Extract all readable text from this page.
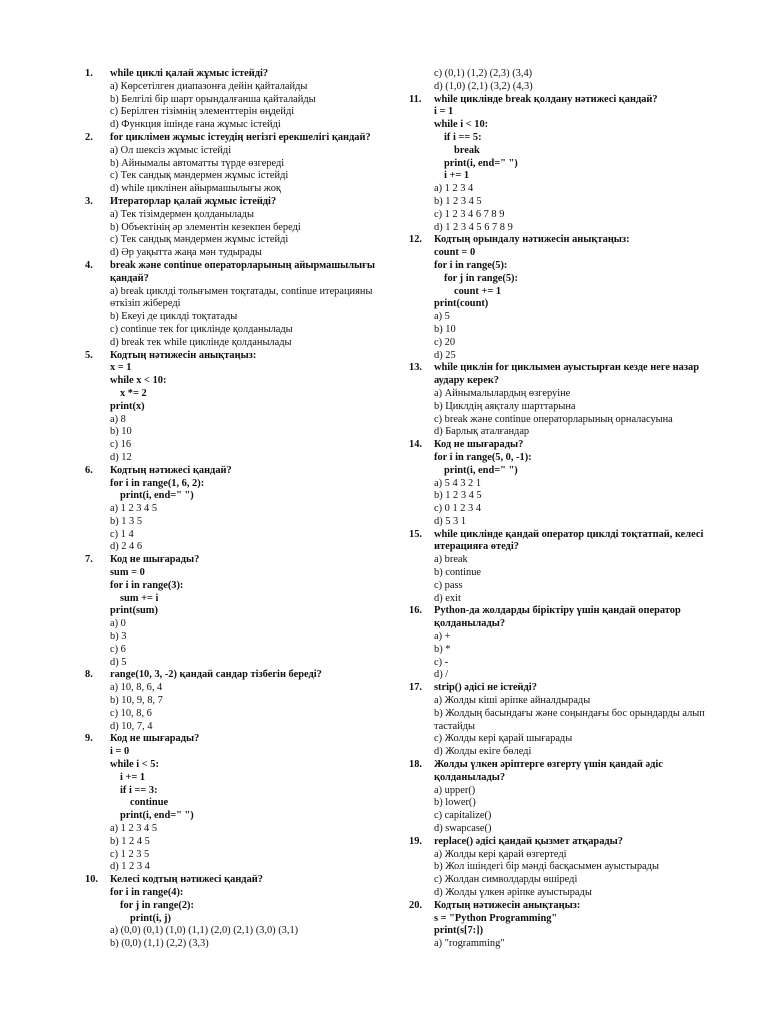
1. while циклі қалай жұмыс істейді?
a) Көрсетілген диапазонға дейін қайталайды
b) Белгілі бір шарт орындалғанша қайталайды
c) Берілген тізімнің элементтерін өңдейді
d) Функция ішінде ғана жұмыс істейді
2. for циклімен жұмыс істеудің негізгі ерекшелігі қандай?
a) Ол шексіз жұмыс істейді
b) Айнымалы автоматты түрде өзгереді
c) Тек сандық мәндермен жұмыс істейді
d) while циклінен айырмашылығы жоқ
3. Итераторлар қалай жұмыс істейді?
a) Тек тізімдермен қолданылады
b) Объектінің әр элементін кезекпен береді
c) Тек сандық мәндермен жұмыс істейді
d) Әр уақытта жаңа мән тудырады
4. break және continue операторларының айырмашылығы
қандай?
a) break циклді толығымен тоқтатады, continue итерацияны
өткізіп жібереді
b) Екеуі де циклді тоқтатады
c) continue тек for циклінде қолданылады
d) break тек while циклінде қолданылады
5. Кодтың нәтижесін анықтаңыз:
x = 1
while x < 10:
x *= 2
print(x)
a) 8
b) 10
c) 16
d) 12
6. Кодтың нәтижесі қандай?
for i in range(1, 6, 2):
print(i, end=" ")
a) 1 2 3 4 5
b) 1 3 5
c) 1 4
d) 2 4 6
7. Код не шығарады?
sum = 0
for i in range(3):
sum += i
print(sum)
a) 0
b) 3
c) 6
d) 5
8. range(10, 3, -2) қандай сандар тізбегін береді?
a) 10, 8, 6, 4
b) 10, 9, 8, 7
c) 10, 8, 6
d) 10, 7, 4
9. Код не шығарады?
i = 0
while i < 5:
i += 1
if i == 3:
continue
print(i, end=" ")
a) 1 2 3 4 5
b) 1 2 4 5
c) 1 2 3 5
d) 1 2 3 4
10. Келесі кодтың нәтижесі қандай?
for i in range(4):
for j in range(2):
print(i, j)
a) (0,0) (0,1) (1,0) (1,1) (2,0) (2,1) (3,0) (3,1)
b) (0,0) (1,1) (2,2) (3,3)
c) (0,1) (1,2) (2,3) (3,4)
d) (1,0) (2,1) (3,2) (4,3)
11. while циклінде break қолдану нәтижесі қандай?
i = 1
while i < 10:
if i == 5:
break
print(i, end=" ")
i += 1
a) 1 2 3 4
b) 1 2 3 4 5
c) 1 2 3 4 6 7 8 9
d) 1 2 3 4 5 6 7 8 9
12. Кодтың орындалу нәтижесін анықтаңыз:
count = 0
for i in range(5):
for j in range(5):
count += 1
print(count)
a) 5
b) 10
c) 20
d) 25
13. while циклін for циклымен ауыстырған кезде неге назар
аудару керек?
a) Айнымалылардың өзгеруіне
b) Циклдің аяқталу шарттарына
c) break және continue операторларының орналасуына
d) Барлық аталғандар
14. Код не шығарады?
for i in range(5, 0, -1):
print(i, end=" ")
a) 5 4 3 2 1
b) 1 2 3 4 5
c) 0 1 2 3 4
d) 5 3 1
15. while циклінде қандай оператор циклді тоқтатпай, келесі
итерацияға өтеді?
a) break
b) continue
c) pass
d) exit
16. Python-да жолдарды біріктіру үшін қандай оператор
қолданылады?
a) +
b) *
c) -
d) /
17. strip() әдісі не істейді?
a) Жолды кіші әріпке айналдырады
b) Жолдың басындағы және соңындағы бос орындарды алып
тастайды
c) Жолды кері қарай шығарады
d) Жолды екіге бөледі
18. Жолды үлкен әріптерге өзгерту үшін қандай әдіс
қолданылады?
a) upper()
b) lower()
c) capitalize()
d) swapcase()
19. replace() әдісі қандай қызмет атқарады?
a) Жолды кері қарай өзгертеді
b) Жол ішіндегі бір мәнді басқасымен ауыстырады
c) Жолдан символдарды өшіреді
d) Жолды үлкен әріпке ауыстырады
20. Кодтың нәтижесін анықтаңыз:
s = "Python Programming"
print(s[7:])
a) "rogramming"
